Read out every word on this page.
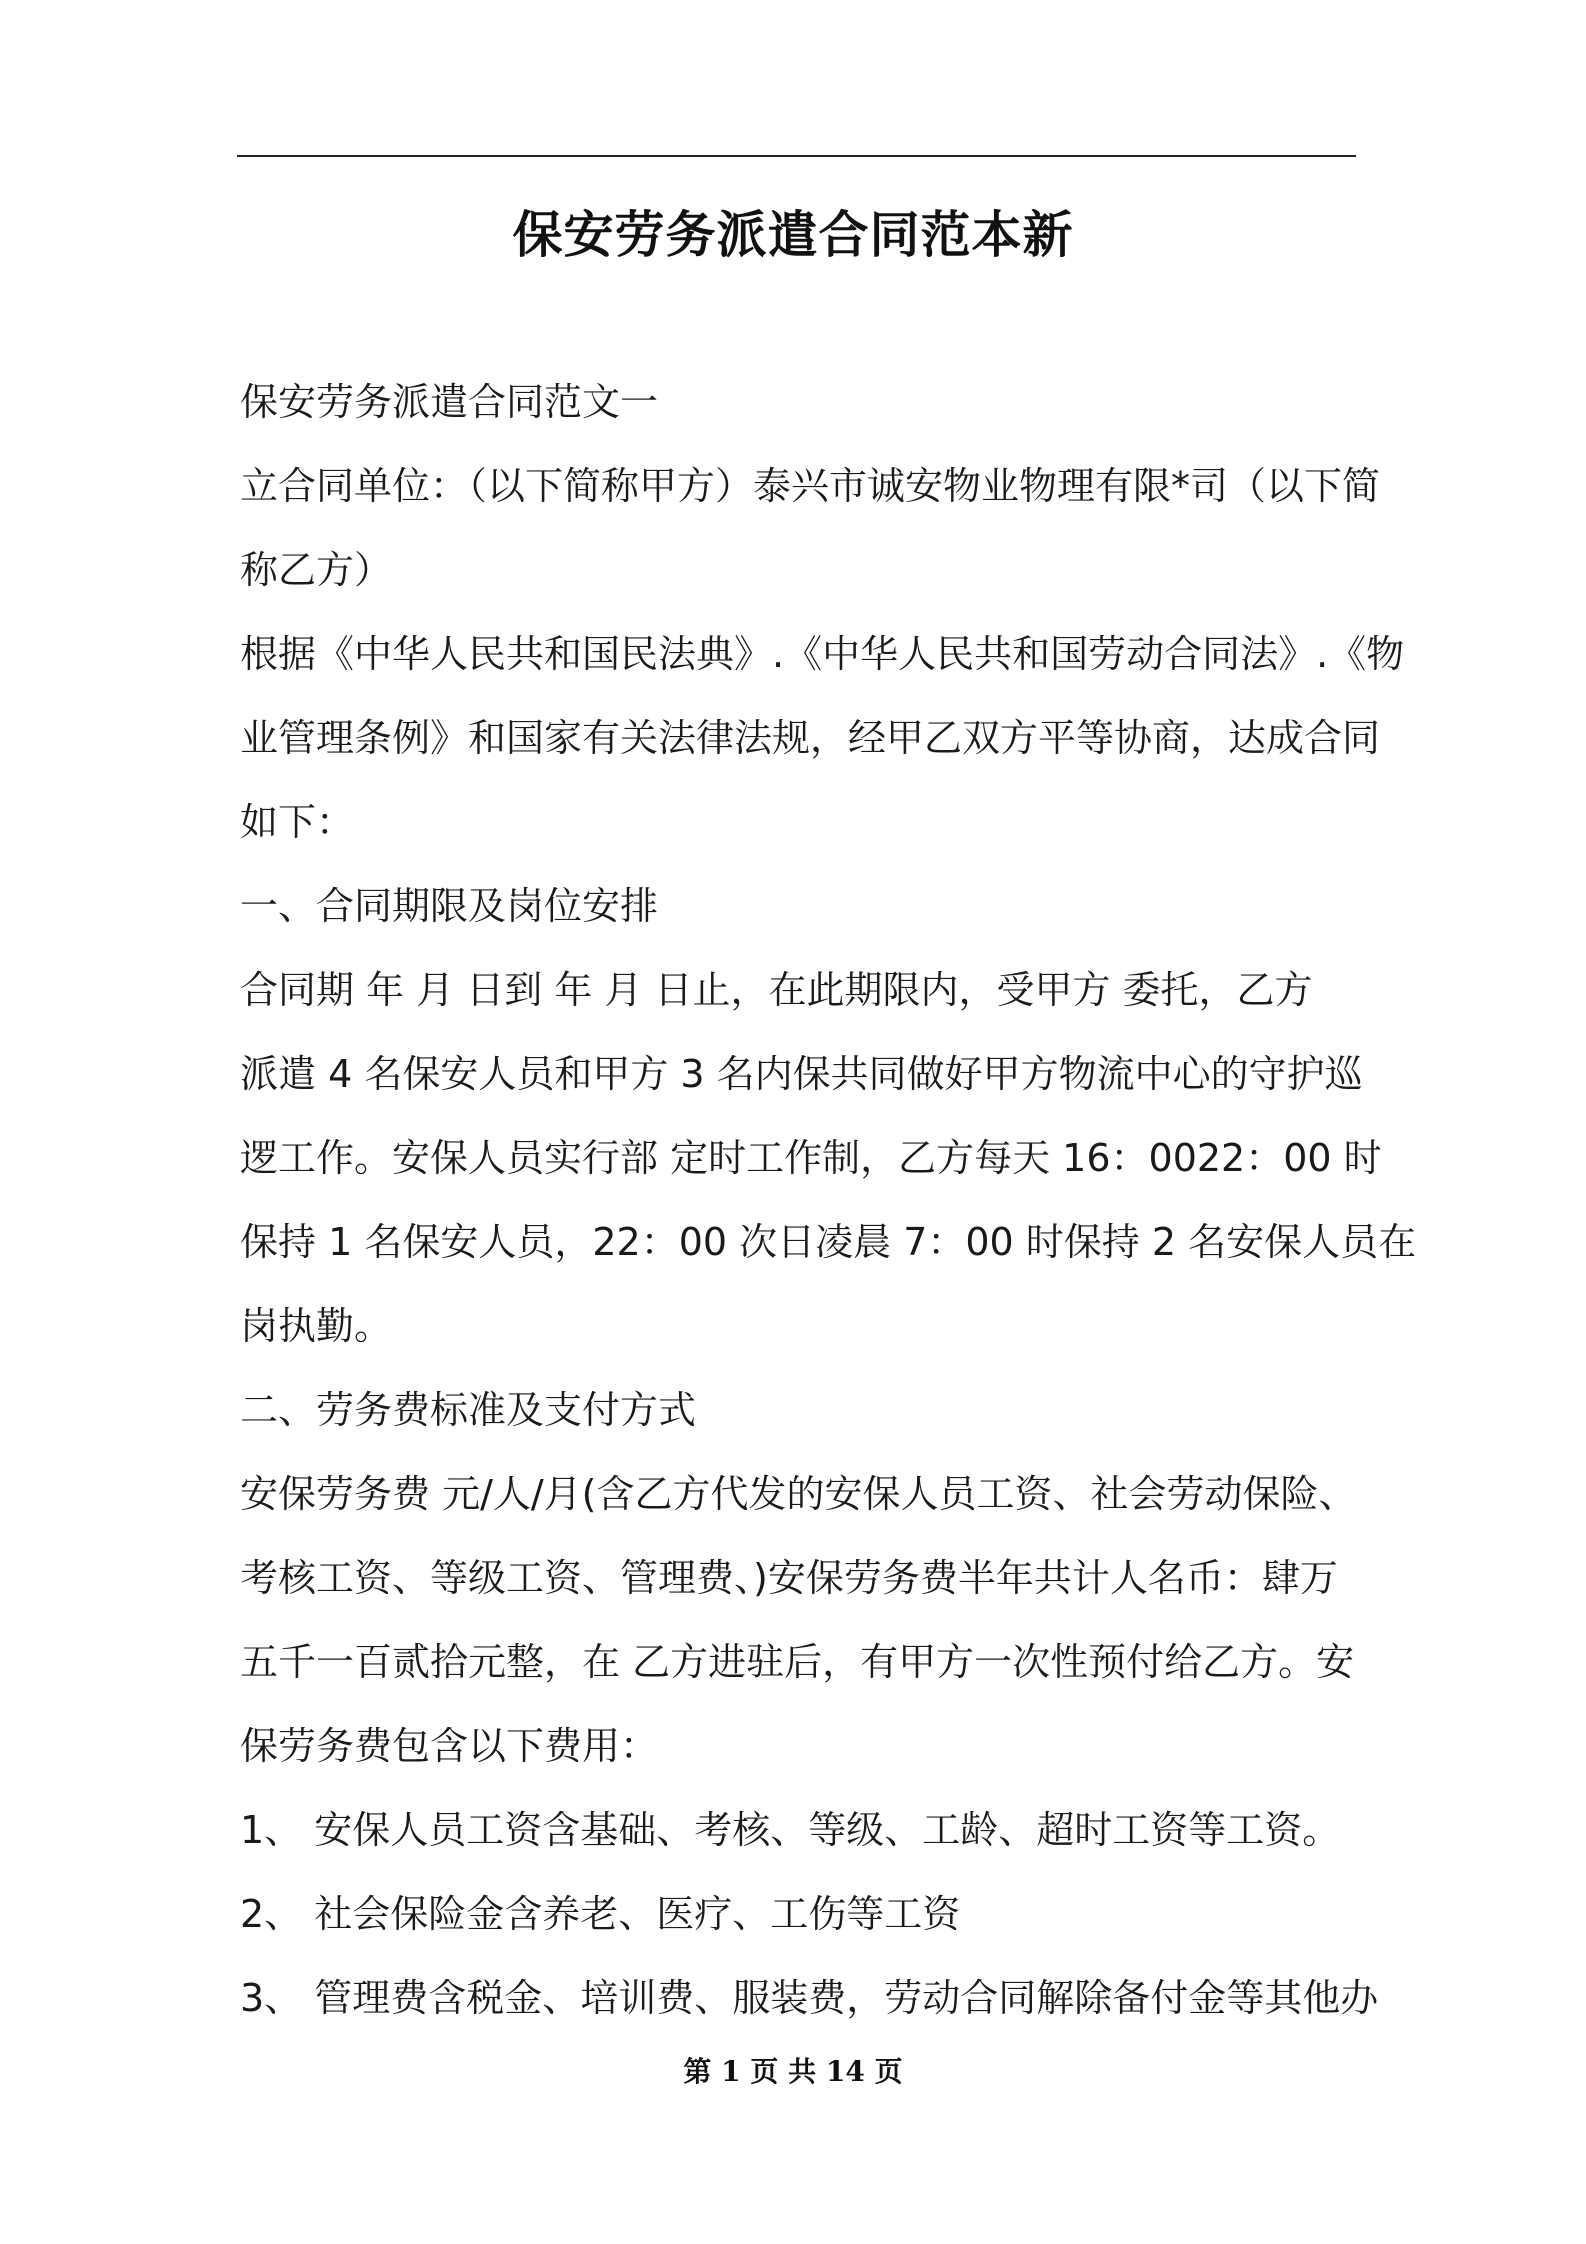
保安劳务派遣合同范本新

保安劳务派遣合同范文一

立合同单位：（以下简称甲方）泰兴市诚安物业物理有限*司（以下简

称乙方）

根据《中华人民共和国民法典》.《中华人民共和国劳动合同法》.《物

业管理条例》和国家有关法律法规，经甲乙双方平等协商，达成合同

如下：

一、合同期限及岗位安排

合同期 年 月 日到 年 月 日止，在此期限内，受甲方 委托，乙方

派遣 4 名保安人员和甲方 3 名内保共同做好甲方物流中心的守护巡

逻工作。安保人员实行部 定时工作制，乙方每天 16：0022：00 时

保持 1 名保安人员，22：00 次日凌晨 7：00 时保持 2 名安保人员在

岗执勤。

二、劳务费标准及支付方式

安保劳务费 元/人/月(含乙方代发的安保人员工资、社会劳动保险、

考核工资、等级工资、管理费、)安保劳务费半年共计人名币：肆万

五千一百贰拾元整，在 乙方进驻后，有甲方一次性预付给乙方。安

保劳务费包含以下费用：

1、 安保人员工资含基础、考核、等级、工龄、超时工资等工资。

2、 社会保险金含养老、医疗、工伤等工资

3、 管理费含税金、培训费、服装费，劳动合同解除备付金等其他办

第 1 页 共 14 页
